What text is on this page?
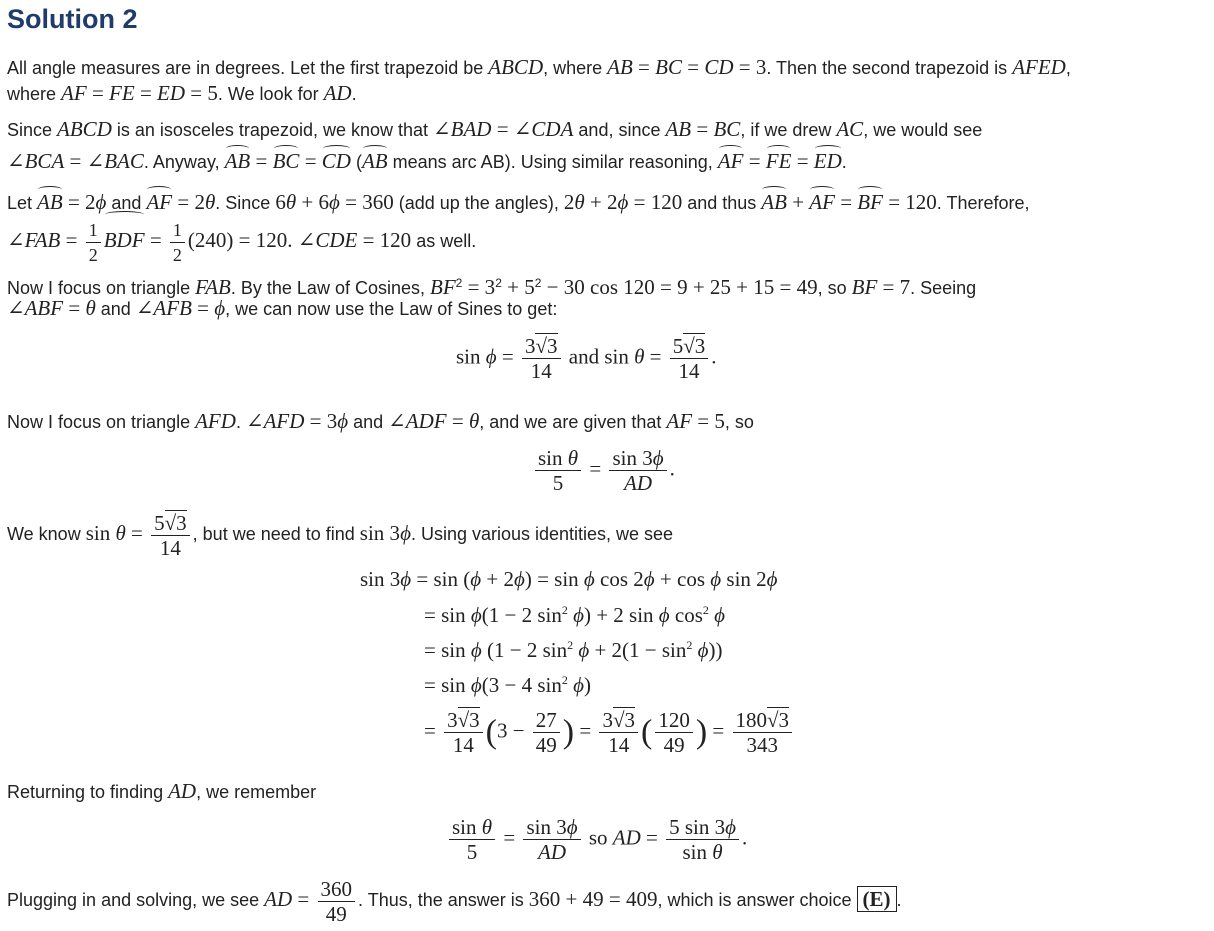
Solution 2
All angle measures are in degrees. Let the first trapezoid be ABCD, where AB = BC = CD = 3. Then the second trapezoid is AFED,
where AF = FE = ED = 5. We look for AD.
Since ABCD is an isosceles trapezoid, we know that ∠BAD = ∠CDA and, since AB = BC, if we drew AC, we would see
∠BCA = ∠BAC. Anyway, AB = BC = CD (AB means arc AB). Using similar reasoning, AF = FE = ED.
Let AB = 2ϕ and AF = 2θ. Since 6θ + 6ϕ = 360 (add up the angles), 2θ + 2ϕ = 120 and thus AB + AF = BF = 120. Therefore,
∠FAB = $\frac{1}{2}$ BDF = $\frac{1}{2} (240) = 120$. ∠CDE = 120 as well.
Now I focus on triangle FAB. By the Law of Cosines, $BF^2 = 3^2 + 5^2 - 30$ cos 120 = 9 + 25 + 15 = 49, so BF = 7. Seeing
∠ABF = θ and ∠AFB = ϕ, we can now use the Law of Sines to get:
$\sin \phi = \frac{3√3}{14}$ and $\sin \theta = \frac{5√3}{14}$ .
Now I focus on triangle AFD. ∠AFD = 3ϕ and ∠ADF = θ, and we are given that AF = 5, so
$\frac{\text{sin θ}}{5} = \frac{\sin 3\phi}{AD}$ .
We know $\sin \theta = \frac{5√3}{14}$ , but we need to find sin 3ϕ. Using various identities, we see
sin 3ϕ = sin (ϕ + 2ϕ) = sin ϕ cos 2ϕ + cos ϕ sin 2ϕ
= sin ϕ(1 − 2 $\sin^2 \phi) + 2$ sin ϕ $\cos^2 \phi$
= sin ϕ (1 − 2 $\sin^2 \phi + 2(1 - \sin^2 \phi)$)
= sin ϕ(3 − 4 $\sin^2 \phi$)
= $\frac{3√3}{14} (3 - \frac{27}{49}$ ) = $\frac{3√3}{14}$ ( $\frac{120}{49}$ ) = $\frac{180√3}{343}$
Returning to finding AD, we remember
$\frac{\text{sin θ}}{5} = \frac{\sin 3\phi}{AD}$ so AD = $\frac{5 \sin 3\phi}{\text{sin θ}}$ .
Plugging in and solving, we see AD = $\frac{360}{49}$ . Thus, the answer is 360 + 49 = 409, which is answer choice (E) .
